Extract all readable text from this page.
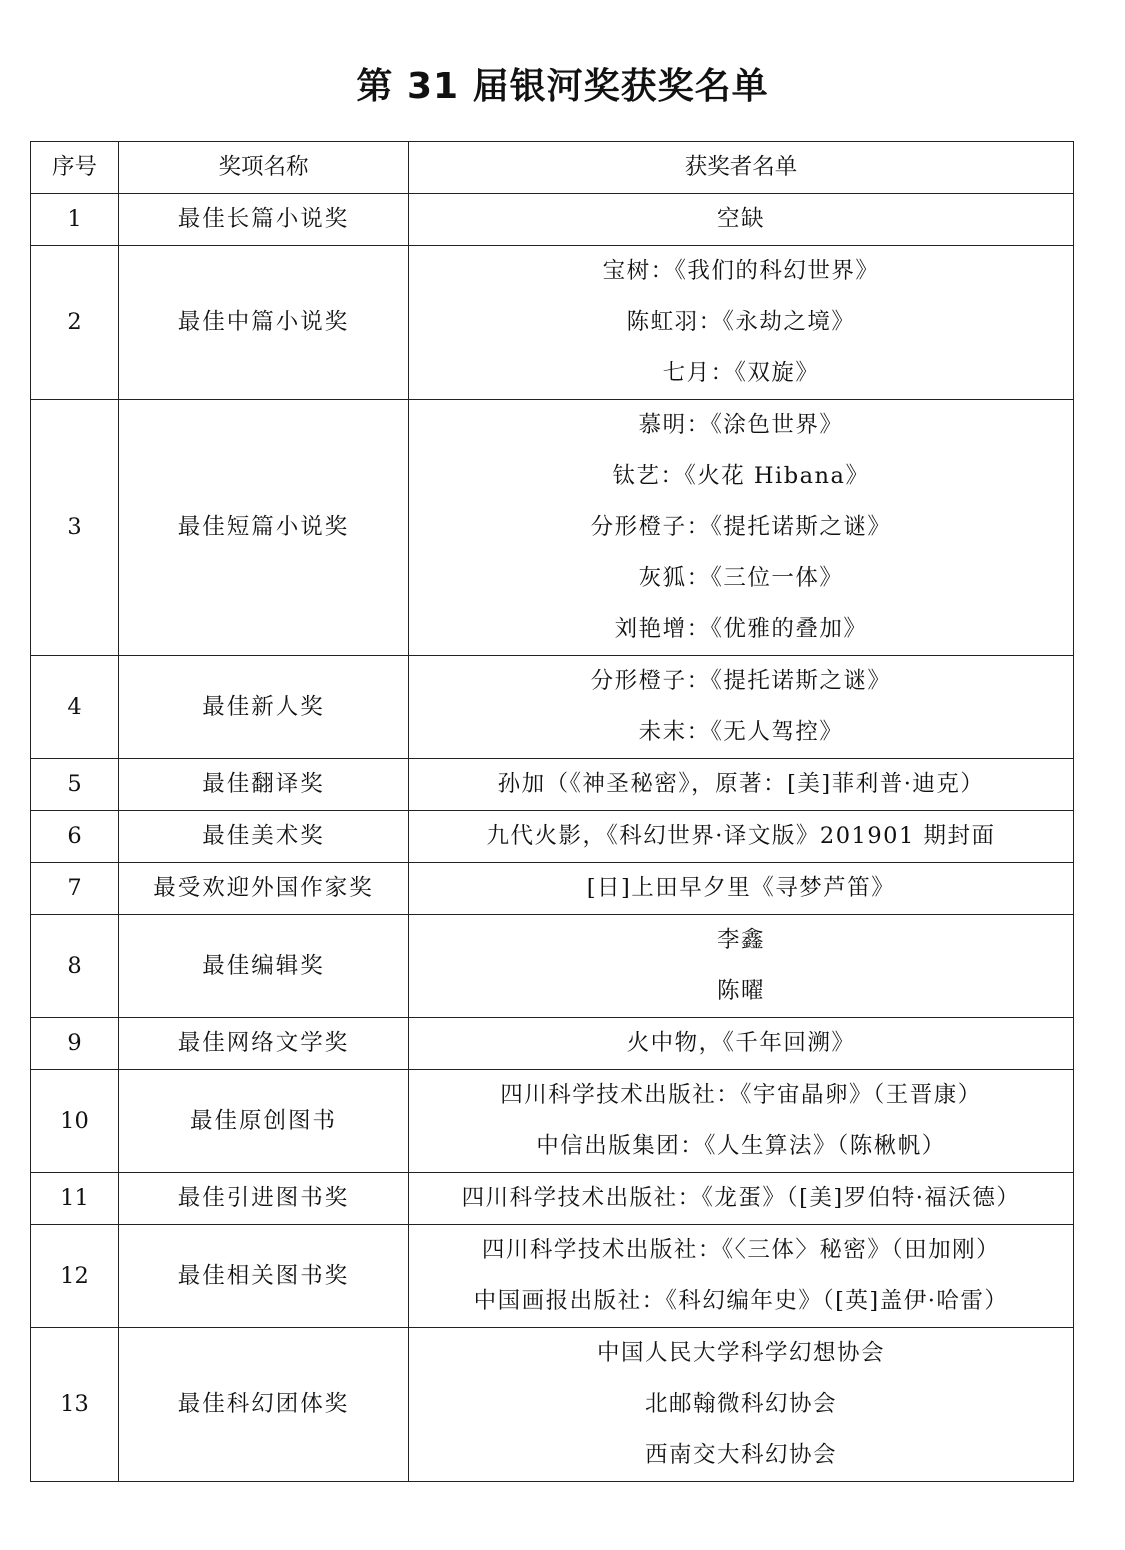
第 31 届银河奖获奖名单
序号	奖项名称	获奖者名单
1	最佳长篇小说奖	空缺

2	最佳中篇小说奖	宝树：《我们的科幻世界》
陈虹羽：《永劫之境》
七月：《双旋》

3	最佳短篇小说奖	慕明：《涂色世界》
钛艺：《火花 Hibana》
分形橙子：《提托诺斯之谜》
灰狐：《三位一体》
刘艳增：《优雅的叠加》

4	最佳新人奖	分形橙子：《提托诺斯之谜》
未末：《无人驾控》

5	最佳翻译奖	孙加（《神圣秘密》，原著：[美]菲利普·迪克）

6	最佳美术奖	九代火影，《科幻世界·译文版》201901 期封面

7	最受欢迎外国作家奖	[日]上田早夕里《寻梦芦笛》

8	最佳编辑奖	李鑫
陈曜

9	最佳网络文学奖	火中物，《千年回溯》

10	最佳原创图书	四川科学技术出版社：《宇宙晶卵》（王晋康）
中信出版集团：《人生算法》（陈楸帆）

11	最佳引进图书奖	四川科学技术出版社：《龙蛋》（[美]罗伯特·福沃德）

12	最佳相关图书奖	四川科学技术出版社：《〈三体〉秘密》（田加刚）
中国画报出版社：《科幻编年史》（[英]盖伊·哈雷）

13	最佳科幻团体奖	中国人民大学科学幻想协会
北邮翰微科幻协会
西南交大科幻协会
